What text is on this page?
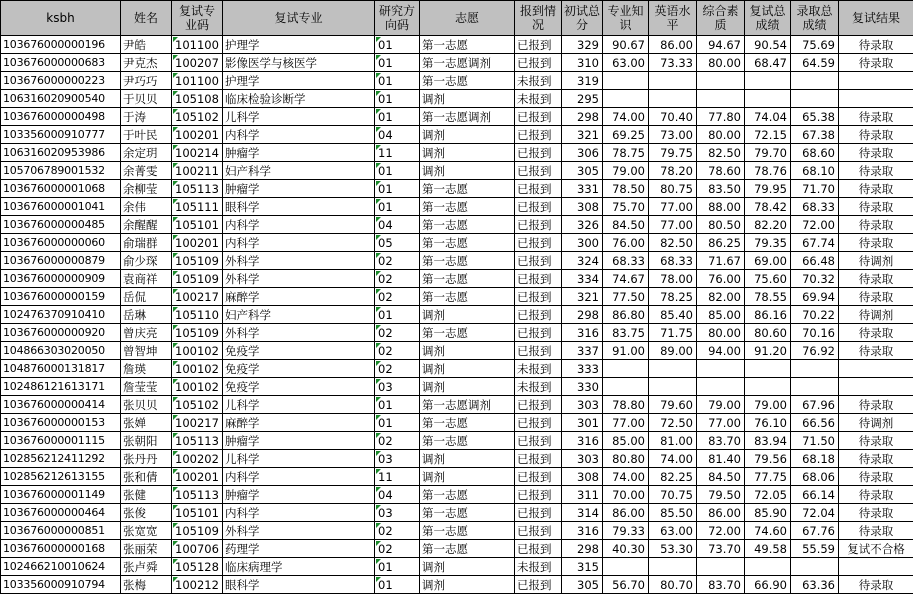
ksbh	姓名	复试专业码	复试专业	研究方向码	志愿	报到情况	初试总分	专业知识	英语水平	综合素质	复试总成绩	录取总成绩	复试结果
103676000000196	尹皓	101100	护理学	01	第一志愿	已报到	329	90.67	86.00	94.67	90.54	75.69	待录取
103676000000683	尹克杰	100207	影像医学与核医学	01	第一志愿调剂	已报到	310	63.00	73.33	80.00	68.47	64.59	待录取
103676000000223	尹巧巧	101100	护理学	01	第一志愿	未报到	319						
106316020900540	于贝贝	105108	临床检验诊断学	01	调剂	未报到	295						
103676000000498	于涛	105102	儿科学	01	第一志愿调剂	已报到	298	74.00	70.40	77.80	74.04	65.38	待录取
103356000910777	于叶民	100201	内科学	04	调剂	已报到	321	69.25	73.00	80.00	72.15	67.38	待录取
106316020953986	余定玥	100214	肿瘤学	11	调剂	已报到	306	78.75	79.75	82.50	79.70	68.60	待录取
105706789001532	余菁雯	100211	妇产科学	01	调剂	已报到	305	79.00	78.20	78.60	78.76	68.10	待录取
103676000001068	余柳莹	105113	肿瘤学	01	第一志愿	已报到	331	78.50	80.75	83.50	79.95	71.70	待录取
103676000001041	余伟	105111	眼科学	01	第一志愿	已报到	308	75.70	77.00	88.00	78.42	68.33	待录取
103676000000485	余醒醒	105101	内科学	04	第一志愿	已报到	326	84.50	77.00	80.50	82.20	72.00	待录取
103676000000060	俞瑞群	100201	内科学	05	第一志愿	已报到	300	76.00	82.50	86.25	79.35	67.74	待录取
103676000000879	俞少琛	105109	外科学	02	第一志愿	已报到	324	68.33	68.33	71.67	69.00	66.48	待调剂
103676000000909	袁商祥	105109	外科学	02	第一志愿	已报到	334	74.67	78.00	76.00	75.60	70.32	待录取
103676000000159	岳侃	100217	麻醉学	02	第一志愿	已报到	321	77.50	78.25	82.00	78.55	69.94	待录取
102476370910410	岳琳	105110	妇产科学	01	调剂	已报到	298	86.80	85.40	85.00	86.16	70.22	待调剂
103676000000920	曾庆亮	105109	外科学	02	第一志愿	已报到	316	83.75	71.75	80.00	80.60	70.16	待录取
104866303020050	曾智坤	100102	免疫学	02	调剂	已报到	337	91.00	89.00	94.00	91.20	76.92	待录取
104876000131817	詹瑛	100102	免疫学	02	调剂	未报到	333						
102486121613171	詹莹莹	100102	免疫学	03	调剂	未报到	330						
103676000000414	张贝贝	105102	儿科学	01	第一志愿调剂	已报到	303	78.80	79.60	79.00	79.00	67.96	待录取
103676000000153	张婵	100217	麻醉学	01	第一志愿	已报到	301	77.00	72.50	77.00	76.10	66.56	待调剂
103676000001115	张朝阳	105113	肿瘤学	02	第一志愿	已报到	316	85.00	81.00	83.70	83.94	71.50	待录取
102856212411292	张丹丹	100202	儿科学	03	调剂	已报到	303	80.80	74.00	81.40	79.56	68.18	待录取
102856212613155	张和倩	100201	内科学	11	调剂	已报到	308	74.00	82.25	84.50	77.75	68.06	待录取
103676000001149	张健	105113	肿瘤学	04	第一志愿	已报到	311	70.00	70.75	79.50	72.05	66.14	待录取
103676000000464	张俊	105101	内科学	03	第一志愿	已报到	314	86.00	85.50	86.00	85.90	72.04	待录取
103676000000851	张宽宽	105109	外科学	02	第一志愿	已报到	316	79.33	63.00	72.00	74.60	67.76	待录取
103676000000168	张丽荣	100706	药理学	02	第一志愿	已报到	298	40.30	53.30	73.70	49.58	55.59	复试不合格
102466210010624	张卢舜	105128	临床病理学	01	调剂	未报到	315						
103356000910794	张梅	100212	眼科学	01	调剂	已报到	305	56.70	80.70	83.70	66.90	63.36	待录取
